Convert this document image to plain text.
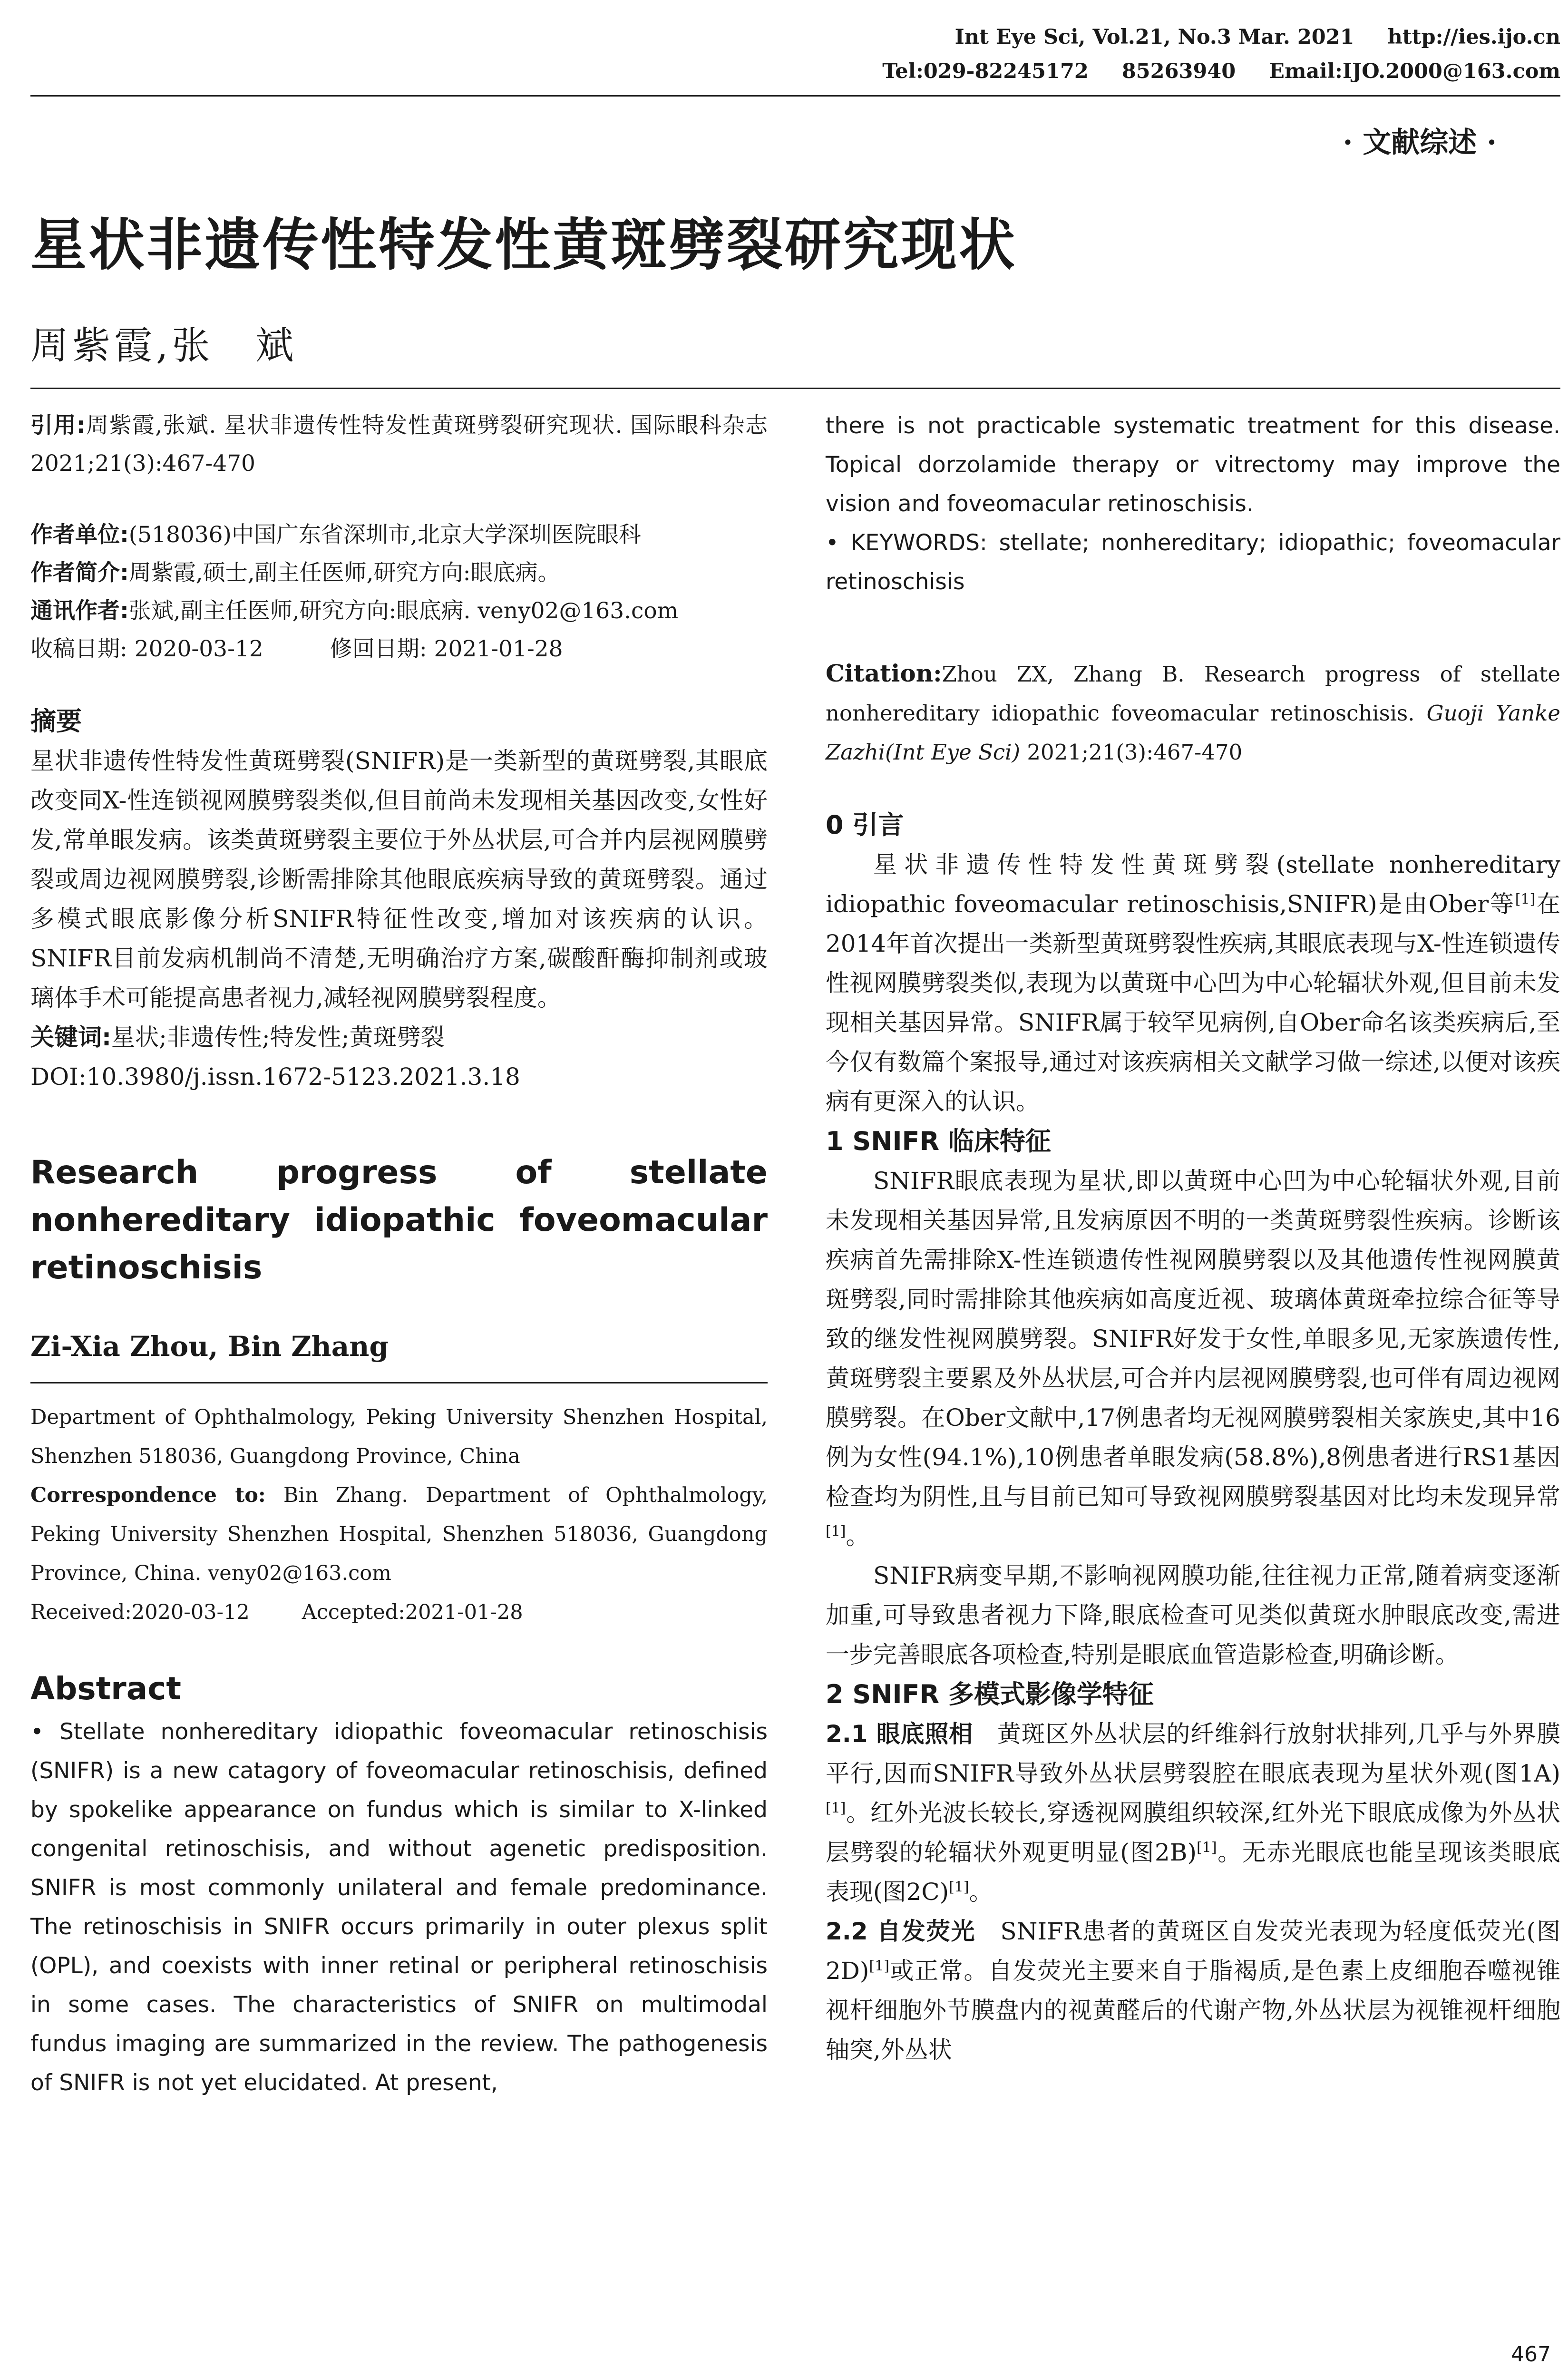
Int Eye Sci, Vol.21, No.3 Mar. 2021 http://ies.ijo.cn
Tel:029-82245172 85263940 Email:IJO.2000@163.com
· 文献综述 ·
星状非遗传性特发性黄斑劈裂研究现状
周紫霞,张　斌

引用:周紫霞,张斌. 星状非遗传性特发性黄斑劈裂研究现状. 国际眼科杂志 2021;21(3):467-470

作者单位:(518036)中国广东省深圳市,北京大学深圳医院眼科

作者简介:周紫霞,硕士,副主任医师,研究方向:眼底病。

通讯作者:张斌,副主任医师,研究方向:眼底病. veny02@163.com

收稿日期: 2020-03-12	修回日期: 2021-01-28

摘要

星状非遗传性特发性黄斑劈裂(SNIFR)是一类新型的黄斑劈裂,其眼底改变同X-性连锁视网膜劈裂类似,但目前尚未发现相关基因改变,女性好发,常单眼发病。该类黄斑劈裂主要位于外丛状层,可合并内层视网膜劈裂或周边视网膜劈裂,诊断需排除其他眼底疾病导致的黄斑劈裂。通过多模式眼底影像分析SNIFR特征性改变,增加对该疾病的认识。SNIFR目前发病机制尚不清楚,无明确治疗方案,碳酸酐酶抑制剂或玻璃体手术可能提高患者视力,减轻视网膜劈裂程度。

关键词:星状;非遗传性;特发性;黄斑劈裂

DOI:10.3980/j.issn.1672-5123.2021.3.18

Research progress of stellate nonhereditary idiopathic foveomacular retinoschisis

Zi-Xia Zhou, Bin Zhang

Department of Ophthalmology, Peking University Shenzhen Hospital, Shenzhen 518036, Guangdong Province, China

Correspondence to: Bin Zhang. Department of Ophthalmology, Peking University Shenzhen Hospital, Shenzhen 518036, Guangdong Province, China. veny02@163.com

Received:2020-03-12	Accepted:2021-01-28

Abstract

• Stellate nonhereditary idiopathic foveomacular retinoschisis (SNIFR) is a new catagory of foveomacular retinoschisis, defined by spokelike appearance on fundus which is similar to X-linked congenital retinoschisis, and without agenetic predisposition. SNIFR is most commonly unilateral and female predominance. The retinoschisis in SNIFR occurs primarily in outer plexus split (OPL), and coexists with inner retinal or peripheral retinoschisis in some cases. The characteristics of SNIFR on multimodal fundus imaging are summarized in the review. The pathogenesis of SNIFR is not yet elucidated. At present,

there is not practicable systematic treatment for this disease. Topical dorzolamide therapy or vitrectomy may improve the vision and foveomacular retinoschisis.

• KEYWORDS: stellate; nonhereditary; idiopathic; foveomacular retinoschisis

Citation:Zhou ZX, Zhang B. Research progress of stellate nonhereditary idiopathic foveomacular retinoschisis. Guoji Yanke Zazhi(Int Eye Sci) 2021;21(3):467-470

0 引言

星状非遗传性特发性黄斑劈裂(stellate nonhereditary idiopathic foveomacular retinoschisis,SNIFR)是由Ober等[1]在2014年首次提出一类新型黄斑劈裂性疾病,其眼底表现与X-性连锁遗传性视网膜劈裂类似,表现为以黄斑中心凹为中心轮辐状外观,但目前未发现相关基因异常。SNIFR属于较罕见病例,自Ober命名该类疾病后,至今仅有数篇个案报导,通过对该疾病相关文献学习做一综述,以便对该疾病有更深入的认识。

1 SNIFR 临床特征

SNIFR眼底表现为星状,即以黄斑中心凹为中心轮辐状外观,目前未发现相关基因异常,且发病原因不明的一类黄斑劈裂性疾病。诊断该疾病首先需排除X-性连锁遗传性视网膜劈裂以及其他遗传性视网膜黄斑劈裂,同时需排除其他疾病如高度近视、玻璃体黄斑牵拉综合征等导致的继发性视网膜劈裂。SNIFR好发于女性,单眼多见,无家族遗传性,黄斑劈裂主要累及外丛状层,可合并内层视网膜劈裂,也可伴有周边视网膜劈裂。在Ober文献中,17例患者均无视网膜劈裂相关家族史,其中16例为女性(94.1%),10例患者单眼发病(58.8%),8例患者进行RS1基因检查均为阴性,且与目前已知可导致视网膜劈裂基因对比均未发现异常[1]。

SNIFR病变早期,不影响视网膜功能,往往视力正常,随着病变逐渐加重,可导致患者视力下降,眼底检查可见类似黄斑水肿眼底改变,需进一步完善眼底各项检查,特别是眼底血管造影检查,明确诊断。

2 SNIFR 多模式影像学特征

2.1 眼底照相　 黄斑区外丛状层的纤维斜行放射状排列,几乎与外界膜平行,因而SNIFR导致外丛状层劈裂腔在眼底表现为星状外观(图1A)[1]。红外光波长较长,穿透视网膜组织较深,红外光下眼底成像为外丛状层劈裂的轮辐状外观更明显(图2B)[1]。无赤光眼底也能呈现该类眼底表现(图2C)[1]。

2.2 自发荧光　 SNIFR患者的黄斑区自发荧光表现为轻度低荧光(图2D)[1]或正常。自发荧光主要来自于脂褐质,是色素上皮细胞吞噬视锥视杆细胞外节膜盘内的视黄醛后的代谢产物,外丛状层为视锥视杆细胞轴突,外丛状

467
